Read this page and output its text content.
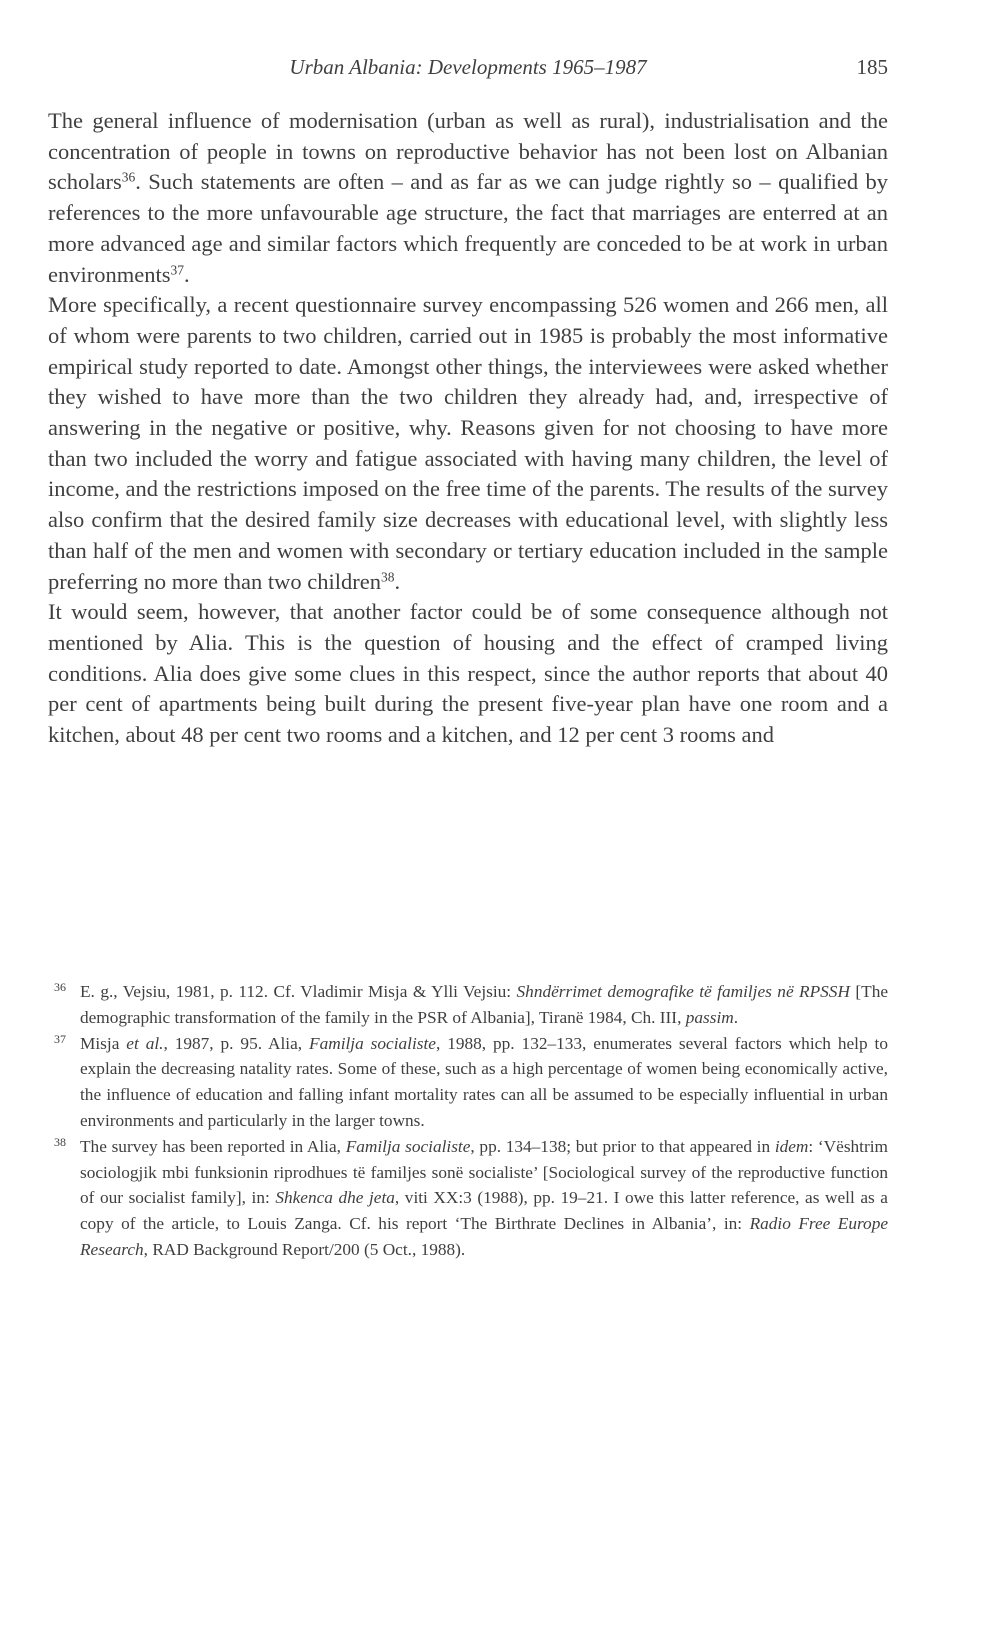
Urban Albania: Developments 1965–1987	185

The general influence of modernisation (urban as well as rural), industrialisation and the concentration of people in towns on reproductive behavior has not been lost on Albanian scholars$^{36}$. Such statements are often – and as far as we can judge rightly so – qualified by references to the more unfavourable age structure, the fact that marriages are enterred at an more advanced age and similar factors which frequently are conceded to be at work in urban environments$^{37}$.

More specifically, a recent questionnaire survey encompassing 526 women and 266 men, all of whom were parents to two children, carried out in 1985 is probably the most informative empirical study reported to date. Amongst other things, the interviewees were asked whether they wished to have more than the two children they already had, and, irrespective of answering in the negative or positive, why. Reasons given for not choosing to have more than two included the worry and fatigue associated with having many children, the level of income, and the restrictions imposed on the free time of the parents. The results of the survey also confirm that the desired family size decreases with educational level, with slightly less than half of the men and women with secondary or tertiary education included in the sample preferring no more than two children$^{38}$.

It would seem, however, that another factor could be of some consequence although not mentioned by Alia. This is the question of housing and the effect of cramped living conditions. Alia does give some clues in this respect, since the author reports that about 40 per cent of apartments being built during the present five-year plan have one room and a kitchen, about 48 per cent two rooms and a kitchen, and 12 per cent 3 rooms and

36 E. g., Vejsiu, 1981, p. 112. Cf. Vladimir Misja & Ylli Vejsiu: Shndërrimet demografike të familjes në RPSSH [The demographic transformation of the family in the PSR of Albania], Tiranë 1984, Ch. III, passim.
37 Misja et al., 1987, p. 95. Alia, Familja socialiste, 1988, pp. 132–133, enumerates several factors which help to explain the decreasing natality rates. Some of these, such as a high percentage of women being economically active, the influence of education and falling infant mortality rates can all be assumed to be especially influential in urban environments and particularly in the larger towns.
38 The survey has been reported in Alia, Familja socialiste, pp. 134–138; but prior to that appeared in idem: ‘Vështrim sociologjik mbi funksionin riprodhues të familjes sonë socialiste’ [Sociological survey of the reproductive function of our socialist family], in: Shkenca dhe jeta, viti XX:3 (1988), pp. 19–21. I owe this latter reference, as well as a copy of the article, to Louis Zanga. Cf. his report ‘The Birthrate Declines in Albania’, in: Radio Free Europe Research, RAD Background Report/200 (5 Oct., 1988).
